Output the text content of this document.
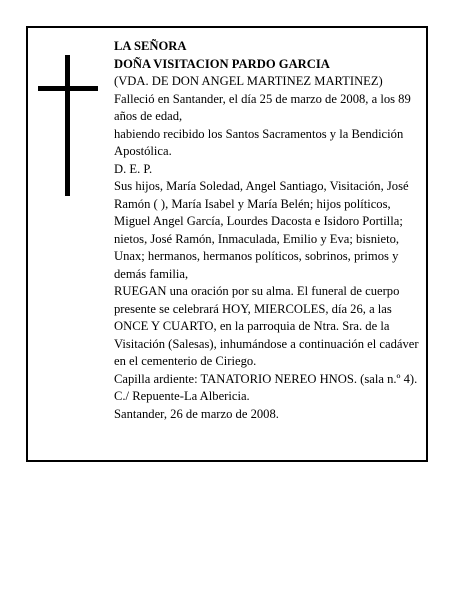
LA SEÑORA

DOÑA VISITACION PARDO GARCIA

(VDA. DE DON ANGEL MARTINEZ MARTINEZ)

Falleció en Santander, el día 25 de marzo de 2008, a los 89 años de edad,

habiendo recibido los Santos Sacramentos y la Bendición Apostólica.

D. E. P.

Sus hijos, María Soledad, Angel Santiago, Visitación, José Ramón ( ), María Isabel y María Belén; hijos políticos, Miguel Angel García, Lourdes Dacosta e Isidoro Portilla; nietos, José Ramón, Inmaculada, Emilio y Eva; bisnieto, Unax; hermanos, hermanos políticos, sobrinos, primos y demás familia,

RUEGAN una oración por su alma. El funeral de cuerpo presente se celebrará HOY, MIERCOLES, día 26, a las ONCE Y CUARTO, en la parroquia de Ntra. Sra. de la Visitación (Salesas), inhumándose a continuación el cadáver en el cementerio de Ciriego.

Capilla ardiente: TANATORIO NEREO HNOS. (sala n.º 4). C./ Repuente-La Albericia.

Santander, 26 de marzo de 2008.
